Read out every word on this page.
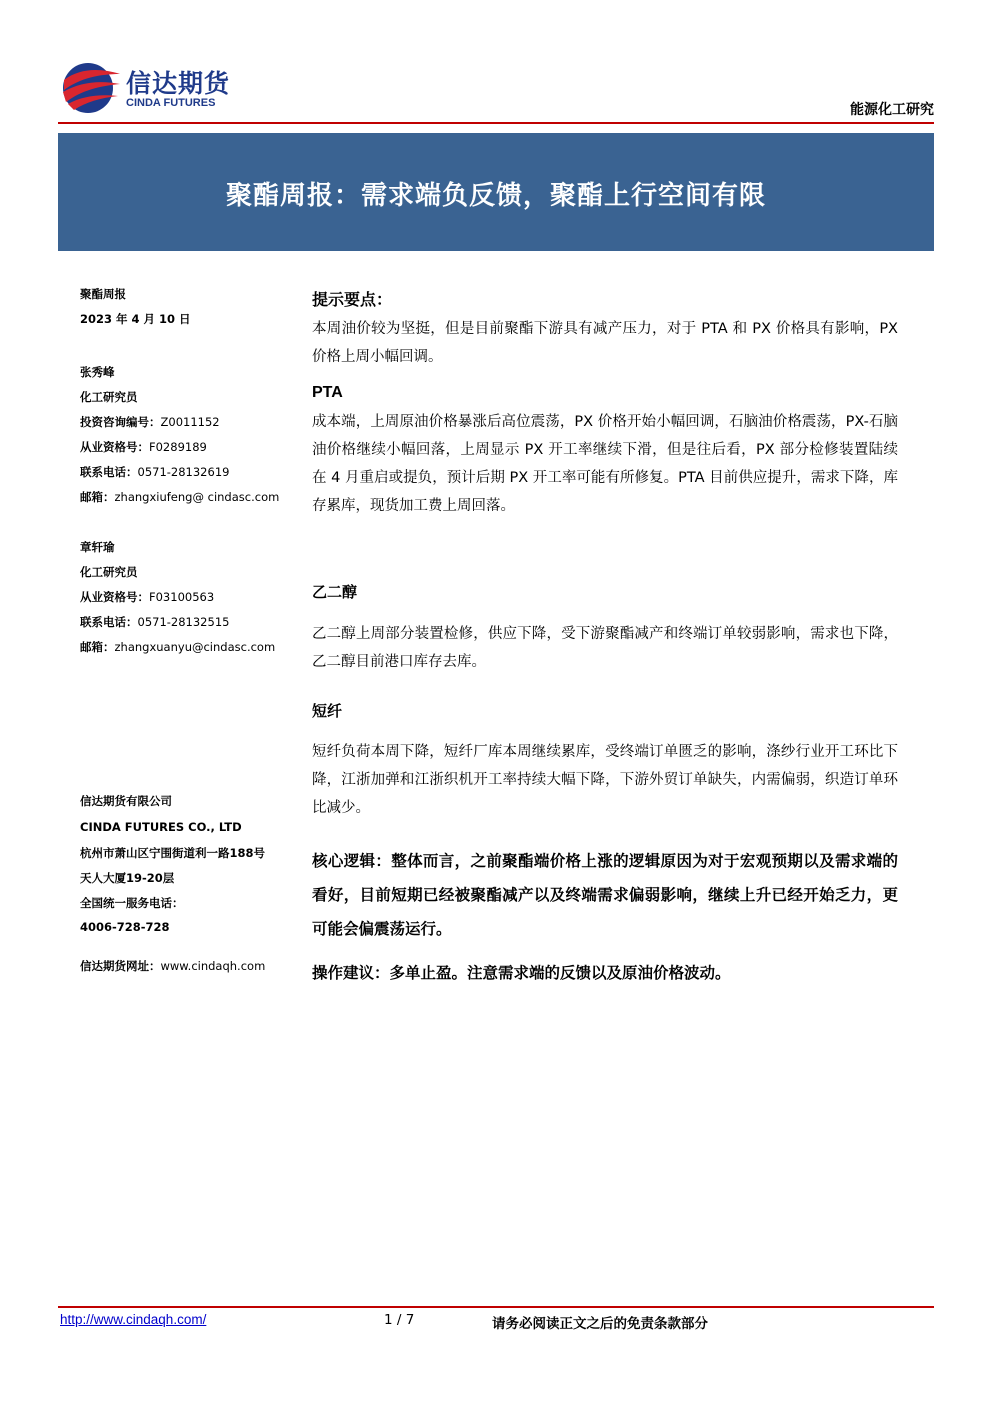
信达期货
CINDA FUTURES	能源化工研究
聚酯周报：需求端负反馈，聚酯上行空间有限
聚酯周报
2023 年 4 月 10 日
张秀峰
化工研究员
投资咨询编号：Z0011152
从业资格号：F0289189
联系电话：0571-28132619
邮箱：zhangxiufeng@ cindasc.com
章轩瑜
化工研究员
从业资格号：F03100563
联系电话：0571-28132515
邮箱：zhangxuanyu@cindasc.com
信达期货有限公司
CINDA FUTURES CO., LTD
杭州市萧山区宁围街道利一路188号
天人大厦19-20层
全国统一服务电话：
4006-728-728
信达期货网址：www.cindaqh.com
提示要点：
本周油价较为坚挺，但是目前聚酯下游具有减产压力，对于 PTA 和 PX 价格具有影响，PX 价格上周小幅回调。
PTA
成本端，上周原油价格暴涨后高位震荡，PX 价格开始小幅回调，石脑油价格震荡，PX-石脑油价格继续小幅回落，上周显示 PX 开工率继续下滑，但是往后看，PX 部分检修装置陆续在 4 月重启或提负，预计后期 PX 开工率可能有所修复。PTA 目前供应提升，需求下降，库存累库，现货加工费上周回落。
乙二醇
乙二醇上周部分装置检修，供应下降，受下游聚酯减产和终端订单较弱影响，需求也下降，乙二醇目前港口库存去库。
短纤
短纤负荷本周下降，短纤厂库本周继续累库，受终端订单匮乏的影响，涤纱行业开工环比下降，江浙加弹和江浙织机开工率持续大幅下降，下游外贸订单缺失，内需偏弱，织造订单环比减少。
核心逻辑：整体而言，之前聚酯端价格上涨的逻辑原因为对于宏观预期以及需求端的看好，目前短期已经被聚酯减产以及终端需求偏弱影响，继续上升已经开始乏力，更可能会偏震荡运行。
操作建议：多单止盈。注意需求端的反馈以及原油价格波动。
http://www.cindaqh.com/	1 / 7	请务必阅读正文之后的免责条款部分
